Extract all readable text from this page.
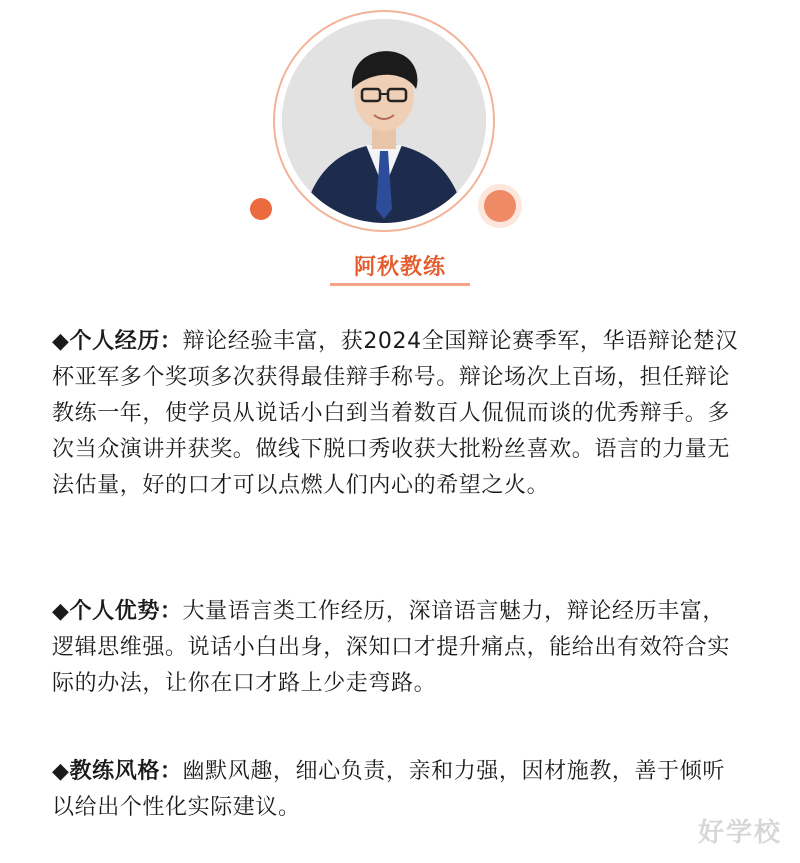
阿秋教练
◆个人经历：辩论经验丰富，获2024全国辩论赛季军，华语辩论楚汉杯亚军多个奖项多次获得最佳辩手称号。辩论场次上百场，担任辩论教练一年，使学员从说话小白到当着数百人侃侃而谈的优秀辩手。多次当众演讲并获奖。做线下脱口秀收获大批粉丝喜欢。语言的力量无法估量，好的口才可以点燃人们内心的希望之火。
◆个人优势：大量语言类工作经历，深谙语言魅力，辩论经历丰富，逻辑思维强。说话小白出身，深知口才提升痛点，能给出有效符合实际的办法，让你在口才路上少走弯路。
◆教练风格：幽默风趣，细心负责，亲和力强，因材施教，善于倾听以给出个性化实际建议。
好学校
